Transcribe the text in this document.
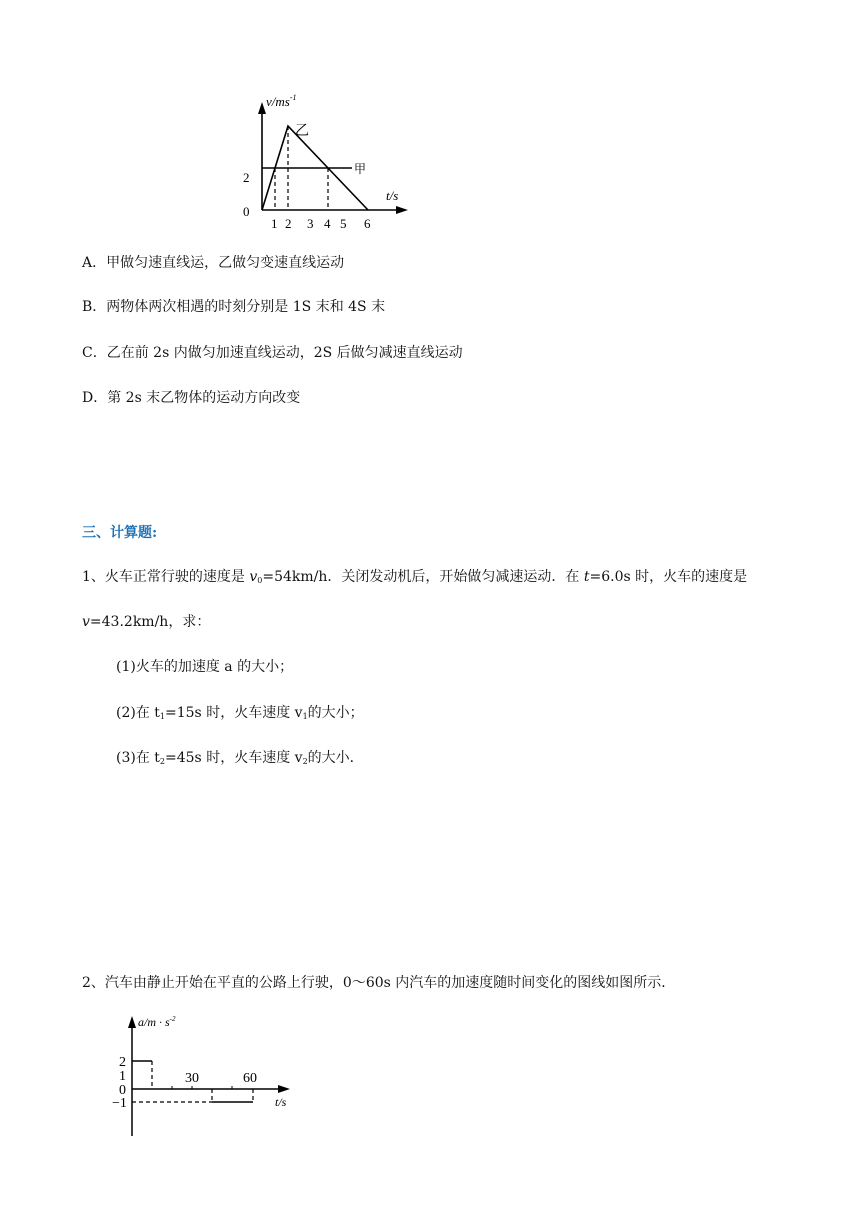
$v/ms^{-1}$
t/s
2
0
1 2 3 4 5 6
乙
甲
A．甲做匀速直线运，乙做匀变速直线运动
B．两物体两次相遇的时刻分别是 1S 末和 4S 末
C．乙在前 2s 内做匀加速直线运动，2S 后做匀减速直线运动
D．第 2s 末乙物体的运动方向改变
三、计算题:
1、火车正常行驶的速度是 $v_0=54km/h$．关闭发动机后，开始做匀减速运动．在 t=6.0s 时，火车的速度是
v=43.2km/h，求：
(1)火车的加速度 a 的大小；
(2)在 $t_1=15s$ 时，火车速度 $v_1$的大小；
(3)在 $t_2=45s$ 时，火车速度 $v_2$的大小．
2、汽车由静止开始在平直的公路上行驶，0～60s 内汽车的加速度随时间变化的图线如图所示．
$a/m \cdot s^{-2}$
t/s
2
1
0
−1
30	60
